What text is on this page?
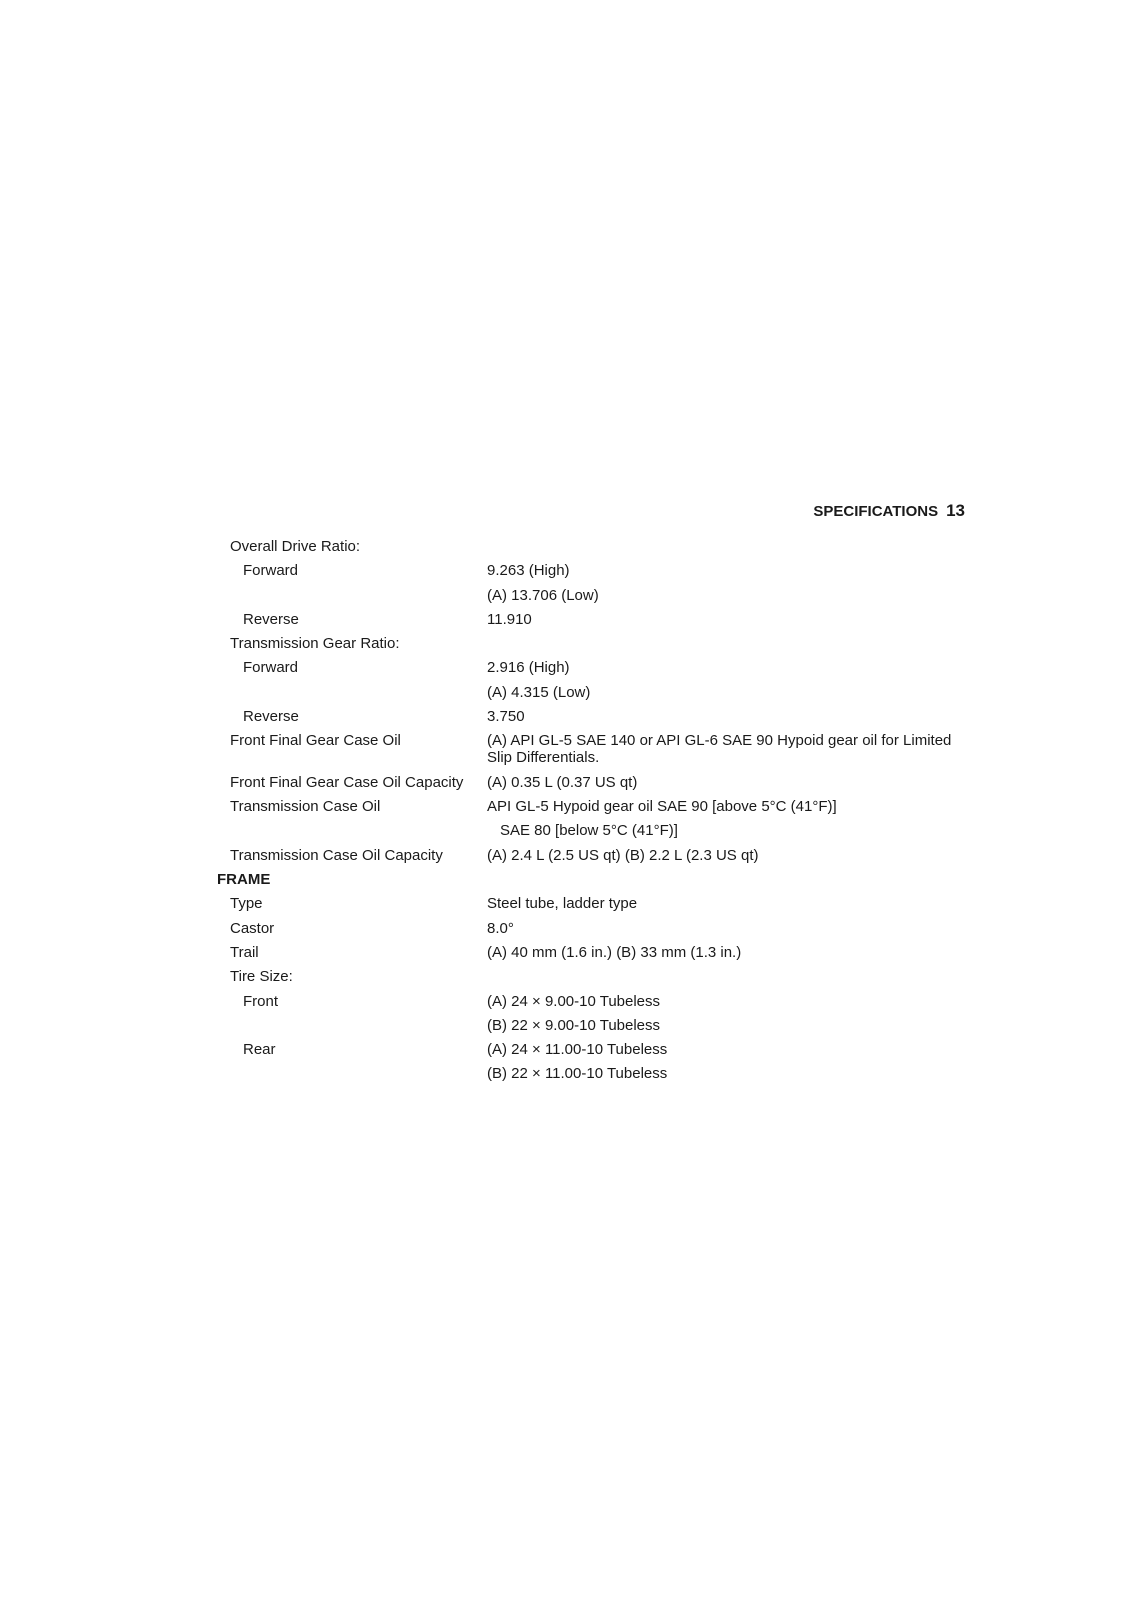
SPECIFICATIONS 13
Overall Drive Ratio:
Forward	9.263 (High)
(A) 13.706 (Low)
Reverse	11.910
Transmission Gear Ratio:
Forward	2.916 (High)
(A) 4.315 (Low)
Reverse	3.750
Front Final Gear Case Oil	(A) API GL-5 SAE 140 or API GL-6 SAE 90 Hypoid gear oil for Limited Slip Differentials.
Front Final Gear Case Oil Capacity	(A) 0.35 L (0.37 US qt)
Transmission Case Oil	API GL-5 Hypoid gear oil SAE 90 [above 5°C (41°F)]
SAE 80 [below 5°C (41°F)]
Transmission Case Oil Capacity	(A) 2.4 L (2.5 US qt) (B) 2.2 L (2.3 US qt)
FRAME
Type	Steel tube, ladder type
Castor	8.0°
Trail	(A) 40 mm (1.6 in.) (B) 33 mm (1.3 in.)
Tire Size:
Front	(A) 24 × 9.00-10 Tubeless
(B) 22 × 9.00-10 Tubeless
Rear	(A) 24 × 11.00-10 Tubeless
(B) 22 × 11.00-10 Tubeless
